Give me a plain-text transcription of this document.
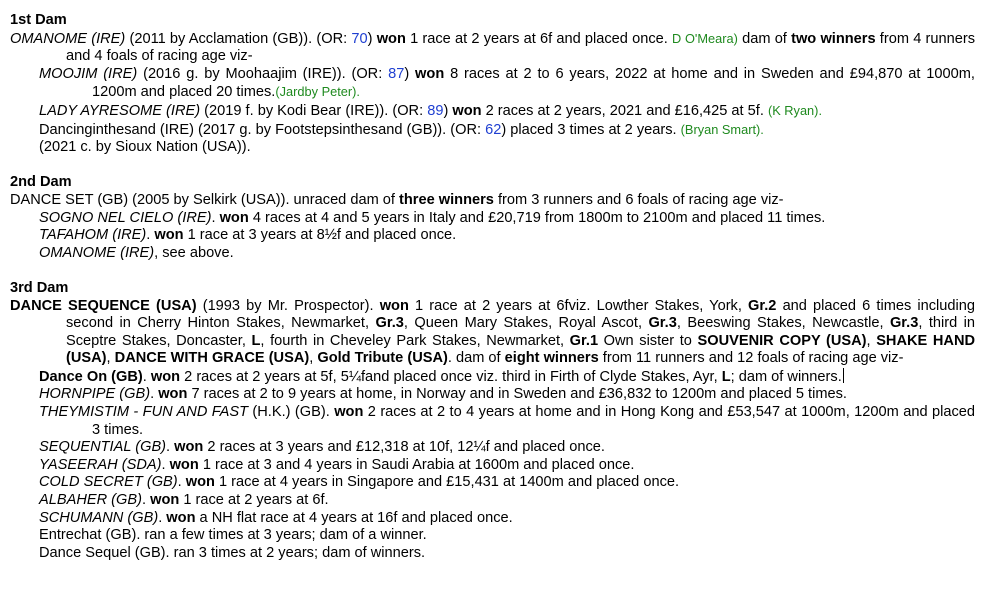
1st Dam

OMANOME (IRE) (2011 by Acclamation (GB)). (OR: 70) won 1 race at 2 years at 6f and placed once. D O'Meara) dam of two winners from 4 runners and 4 foals of racing age viz-

MOOJIM (IRE) (2016 g. by Moohaajim (IRE)). (OR: 87) won 8 races at 2 to 6 years, 2022 at home and in Sweden and £94,870 at 1000m, 1200m and placed 20 times.(Jardby Peter).

LADY AYRESOME (IRE) (2019 f. by Kodi Bear (IRE)). (OR: 89) won 2 races at 2 years, 2021 and £16,425 at 5f. (K Ryan).

Dancinginthesand (IRE) (2017 g. by Footstepsinthesand (GB)). (OR: 62) placed 3 times at 2 years. (Bryan Smart).

(2021 c. by Sioux Nation (USA)).

2nd Dam

DANCE SET (GB) (2005 by Selkirk (USA)). unraced dam of three winners from 3 runners and 6 foals of racing age viz-

SOGNO NEL CIELO (IRE). won 4 races at 4 and 5 years in Italy and £20,719 from 1800m to 2100m and placed 11 times.

TAFAHOM (IRE). won 1 race at 3 years at 8½f and placed once.

OMANOME (IRE), see above.

3rd Dam

DANCE SEQUENCE (USA) (1993 by Mr. Prospector). won 1 race at 2 years at 6fviz. Lowther Stakes, York, Gr.2 and placed 6 times including second in Cherry Hinton Stakes, Newmarket, Gr.3, Queen Mary Stakes, Royal Ascot, Gr.3, Beeswing Stakes, Newcastle, Gr.3, third in Sceptre Stakes, Doncaster, L, fourth in Cheveley Park Stakes, Newmarket, Gr.1 Own sister to SOUVENIR COPY (USA), SHAKE HAND (USA), DANCE WITH GRACE (USA), Gold Tribute (USA). dam of eight winners from 11 runners and 12 foals of racing age viz-

Dance On (GB). won 2 races at 2 years at 5f, 5¼fand placed once viz. third in Firth of Clyde Stakes, Ayr, L; dam of winners.

HORNPIPE (GB). won 7 races at 2 to 9 years at home, in Norway and in Sweden and £36,832 to 1200m and placed 5 times.

THEYMISTIM - FUN AND FAST (H.K.) (GB). won 2 races at 2 to 4 years at home and in Hong Kong and £53,547 at 1000m, 1200m and placed 3 times.

SEQUENTIAL (GB). won 2 races at 3 years and £12,318 at 10f, 12¼f and placed once.

YASEERAH (SDA). won 1 race at 3 and 4 years in Saudi Arabia at 1600m and placed once.

COLD SECRET (GB). won 1 race at 4 years in Singapore and £15,431 at 1400m and placed once.

ALBAHER (GB). won 1 race at 2 years at 6f.

SCHUMANN (GB). won a NH flat race at 4 years at 16f and placed once.

Entrechat (GB). ran a few times at 3 years; dam of a winner.

Dance Sequel (GB). ran 3 times at 2 years; dam of winners.
